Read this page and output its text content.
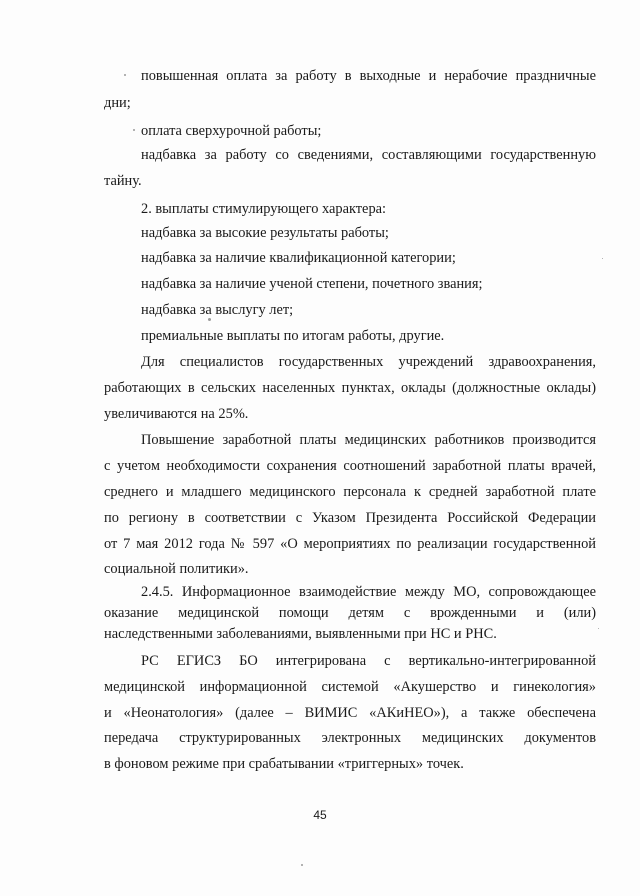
повышенная оплата за работу в выходные и нерабочие праздничные
дни;
оплата сверхурочной работы;
надбавка за работу со сведениями, составляющими государственную
тайну.
2. выплаты стимулирующего характера:
надбавка за высокие результаты работы;
надбавка за наличие квалификационной категории;
надбавка за наличие ученой степени, почетного звания;
надбавка за выслугу лет;
премиальные выплаты по итогам работы, другие.
Для специалистов государственных учреждений здравоохранения,
работающих в сельских населенных пунктах, оклады (должностные оклады)
увеличиваются на 25%.
Повышение заработной платы медицинских работников производится
с учетом необходимости сохранения соотношений заработной платы врачей,
среднего и младшего медицинского персонала к средней заработной плате
по региону в соответствии с Указом Президента Российской Федерации
от 7 мая 2012 года № 597 «О мероприятиях по реализации государственной
социальной политики».
2.4.5. Информационное взаимодействие между МО, сопровождающее
оказание медицинской помощи детям с врожденными и (или)
наследственными заболеваниями, выявленными при НС и РНС.
РС ЕГИСЗ БО интегрирована с вертикально-интегрированной
медицинской информационной системой «Акушерство и гинекология»
и «Неонатология» (далее – ВИМИС «АКиНЕО»), а также обеспечена
передача структурированных электронных медицинских документов
в фоновом режиме при срабатывании «триггерных» точек.
45
